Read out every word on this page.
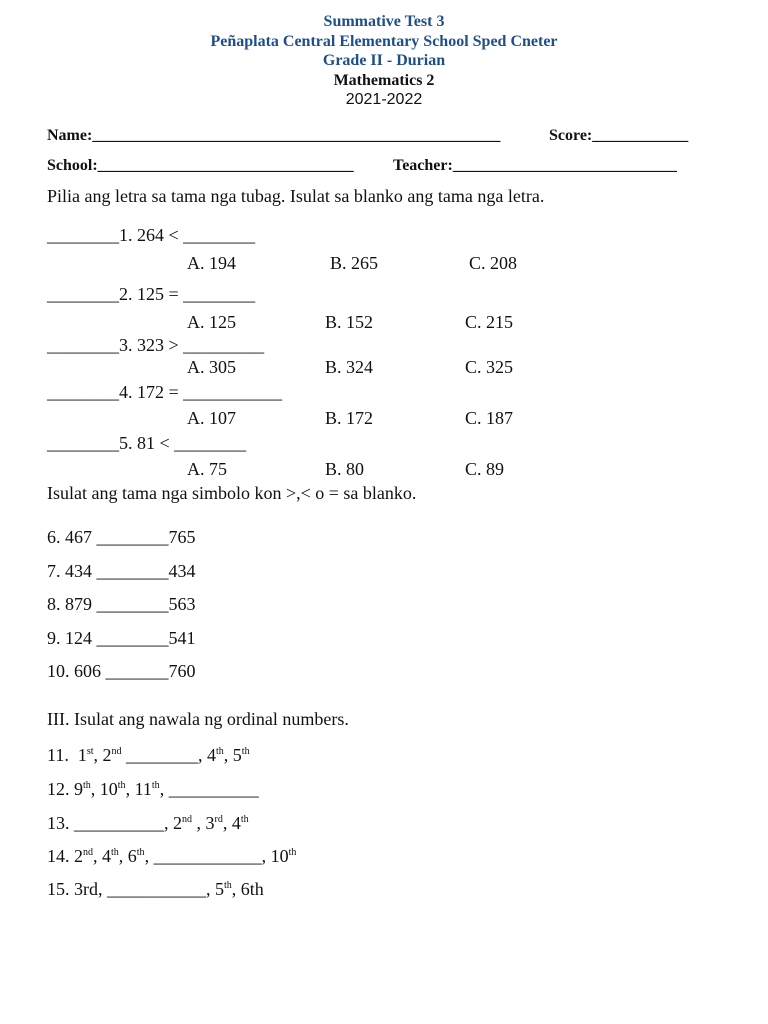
Summative Test 3
Peñaplata Central Elementary School Sped Cneter
Grade II - Durian
Mathematics 2
2021-2022
Name:___________________________________________________	Score:____________
School:________________________________ Teacher:____________________________
Pilia ang letra sa tama nga tubag. Isulat sa blanko ang tama nga letra.
________1. 264 < ________
A. 194	B. 265	C. 208
________2. 125 = ________
A. 125	B. 152	C. 215
________3. 323 > _________
A. 305	B. 324	C. 325
________4. 172 = ___________
A. 107	B. 172	C. 187
________5. 81 < ________
A. 75	B. 80	C. 89
Isulat ang tama nga simbolo kon >,< o = sa blanko.
6. 467 ________765
7. 434 ________434
8. 879 ________563
9. 124 ________541
10. 606 _______760
III. Isulat ang nawala ng ordinal numbers.
11. 1st, 2nd ________, 4th, 5th
12. 9th, 10th, 11th, __________
13. __________, 2nd , 3rd, 4th
14. 2nd, 4th, 6th, ____________, 10th
15. 3rd, ___________, 5th, 6th
